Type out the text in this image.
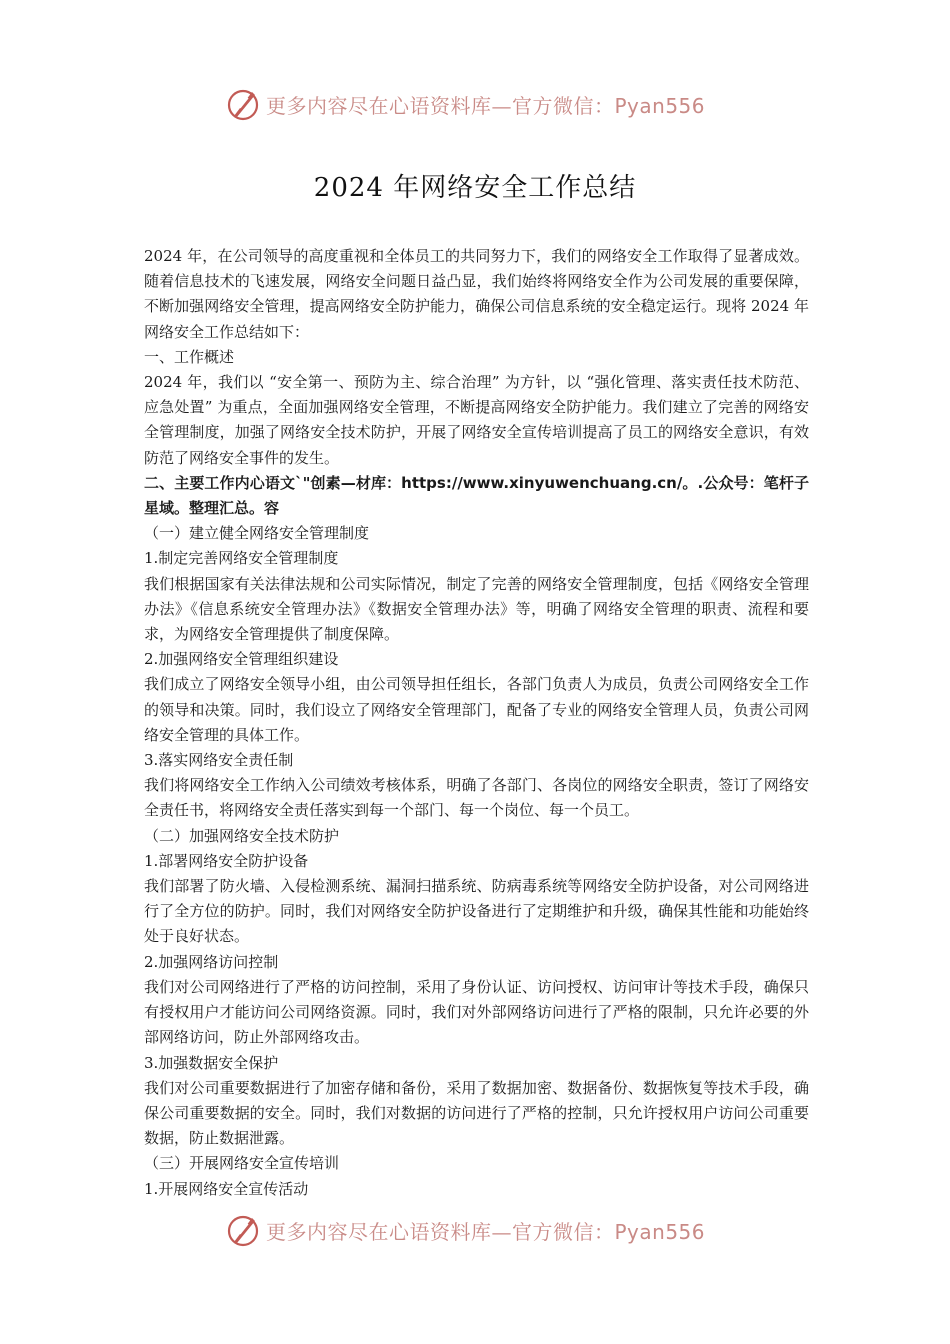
更多内容尽在心语资料库—官方微信：Pyan556
2024 年网络安全工作总结

2024 年，在公司领导的高度重视和全体员工的共同努力下，我们的网络安全工作取得了显著成效。随着信息技术的飞速发展，网络安全问题日益凸显，我们始终将网络安全作为公司发展的重要保障，不断加强网络安全管理，提高网络安全防护能力，确保公司信息系统的安全稳定运行。现将 2024 年网络安全工作总结如下：

一、工作概述

2024 年，我们以 “安全第一、预防为主、综合治理” 为方针，以 “强化管理、落实责任技术防范、应急处置” 为重点，全面加强网络安全管理，不断提高网络安全防护能力。我们建立了完善的网络安全管理制度，加强了网络安全技术防护，开展了网络安全宣传培训提高了员工的网络安全意识，有效防范了网络安全事件的发生。

二、主要工作内心语文`"创素—材库：https://www.xinyuwenchuang.cn/。.公众号：笔杆子星域。整理汇总。容

（一）建立健全网络安全管理制度

1.制定完善网络安全管理制度

我们根据国家有关法律法规和公司实际情况，制定了完善的网络安全管理制度，包括《网络安全管理办法》《信息系统安全管理办法》《数据安全管理办法》等，明确了网络安全管理的职责、流程和要求，为网络安全管理提供了制度保障。

2.加强网络安全管理组织建设

我们成立了网络安全领导小组，由公司领导担任组长，各部门负责人为成员，负责公司网络安全工作的领导和决策。同时，我们设立了网络安全管理部门，配备了专业的网络安全管理人员，负责公司网络安全管理的具体工作。

3.落实网络安全责任制

我们将网络安全工作纳入公司绩效考核体系，明确了各部门、各岗位的网络安全职责，签订了网络安全责任书，将网络安全责任落实到每一个部门、每一个岗位、每一个员工。

（二）加强网络安全技术防护

1.部署网络安全防护设备

我们部署了防火墙、入侵检测系统、漏洞扫描系统、防病毒系统等网络安全防护设备，对公司网络进行了全方位的防护。同时，我们对网络安全防护设备进行了定期维护和升级，确保其性能和功能始终处于良好状态。

2.加强网络访问控制

我们对公司网络进行了严格的访问控制，采用了身份认证、访问授权、访问审计等技术手段，确保只有授权用户才能访问公司网络资源。同时，我们对外部网络访问进行了严格的限制，只允许必要的外部网络访问，防止外部网络攻击。

3.加强数据安全保护

我们对公司重要数据进行了加密存储和备份，采用了数据加密、数据备份、数据恢复等技术手段，确保公司重要数据的安全。同时，我们对数据的访问进行了严格的控制，只允许授权用户访问公司重要数据，防止数据泄露。

（三）开展网络安全宣传培训

1.开展网络安全宣传活动

更多内容尽在心语资料库—官方微信：Pyan556
